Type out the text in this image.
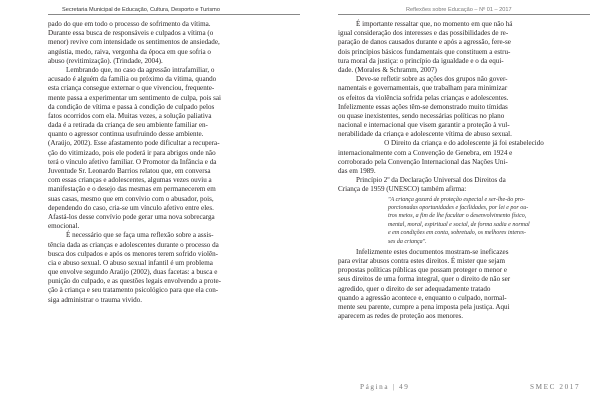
Secretaria Municipal de Educação, Cultura, Desporto e Turismo	Reflexões sobre Educação – Nº 01 – 2017
pado do que em todo o processo de sofrimento da vítima.
Durante essa busca de responsáveis e culpados a vítima (o
menor) revive com intensidade os sentimentos de ansiedade,
angústia, medo, raiva, vergonha da época em que sofria o
abuso (revitimização). (Trindade, 2004).
Lembrando que, no caso da agressão intrafamiliar, o
acusado é alguém da família ou próximo da vítima, quando
esta criança consegue externar o que vivenciou, frequente-
mente passa a experimentar um sentimento de culpa, pois sai
da condição de vítima e passa à condição de culpado pelos
fatos ocorridos com ela. Muitas vezes, a solução paliativa
dada é a retirada da criança de seu ambiente familiar en-
quanto o agressor continua usufruindo desse ambiente.
(Araújo, 2002). Esse afastamento pode dificultar a recupera-
ção do vitimizado, pois ele poderá ir para abrigos onde não
terá o vínculo afetivo familiar. O Promotor da Infância e da
Juventude Sr. Leonardo Barrios relatou que, em conversa
com essas crianças e adolescentes, algumas vezes ouviu a
manifestação e o desejo das mesmas em permanecerem em
suas casas, mesmo que em convívio com o abusador, pois,
dependendo do caso, cria-se um vínculo afetivo entre eles.
Afastá-los desse convívio pode gerar uma nova sobrecarga
emocional.
É necessário que se faça uma reflexão sobre a assis-
tência dada as crianças e adolescentes durante o processo da
busca dos culpados e após os menores terem sofrido violên-
cia e abuso sexual. O abuso sexual infantil é um problema
que envolve segundo Araújo (2002), duas facetas: a busca e
punição do culpado, e as questões legais envolvendo a prote-
ção à criança e seu tratamento psicológico para que ela con-
siga administrar o trauma vivido.
É importante ressaltar que, no momento em que não há
igual consideração dos interesses e das possibilidades de re-
paração de danos causados durante e após a agressão, fere-se
dois princípios básicos fundamentais que constituem a estru-
tura moral da justiça: o princípio da igualdade e o da equi-
dade. (Morales & Schramm, 2007)
Deve-se refletir sobre as ações dos grupos não gover-
namentais e governamentais, que trabalham para minimizar
os efeitos da violência sofrida pelas crianças e adolescentes.
Infelizmente essas ações têm-se demonstrado muito tímidas
ou quase inexistentes, sendo necessárias políticas no plano
nacional e internacional que visem garantir a proteção à vul-
nerabilidade da criança e adolescente vítima de abuso sexual.
O Direito da criança e do adolescente já foi estabelecido
internacionalmente com a Convenção de Genebra, em 1924 e
corroborado pela Convenção Internacional das Nações Uni-
das em 1989.
Princípio 2º da Declaração Universal dos Direitos da
Criança de 1959 (UNESCO) também afirma:
"A criança gozará de proteção especial e ser-lhe-ão pro-
porcionadas oportunidades e facilidades, por lei e por ou-
tros meios, a fim de lhe facultar o desenvolvimento físico,
mental, moral, espiritual e social, de forma sadia e normal
e em condições em conta, sobretudo, os melhores interes-
ses da criança".
Infelizmente estes documentos mostram-se ineficazes
para evitar abusos contra estes direitos. É mister que sejam
propostas políticas públicas que possam proteger o menor e
seus direitos de uma forma integral, quer o direito de não ser
agredido, quer o direito de ser adequadamente tratado
quando a agressão acontece e, enquanto o culpado, normal-
mente seu parente, cumpre a pena imposta pela justiça. Aqui
aparecem as redes de proteção aos menores.
Página | 49	SMEC 2017
